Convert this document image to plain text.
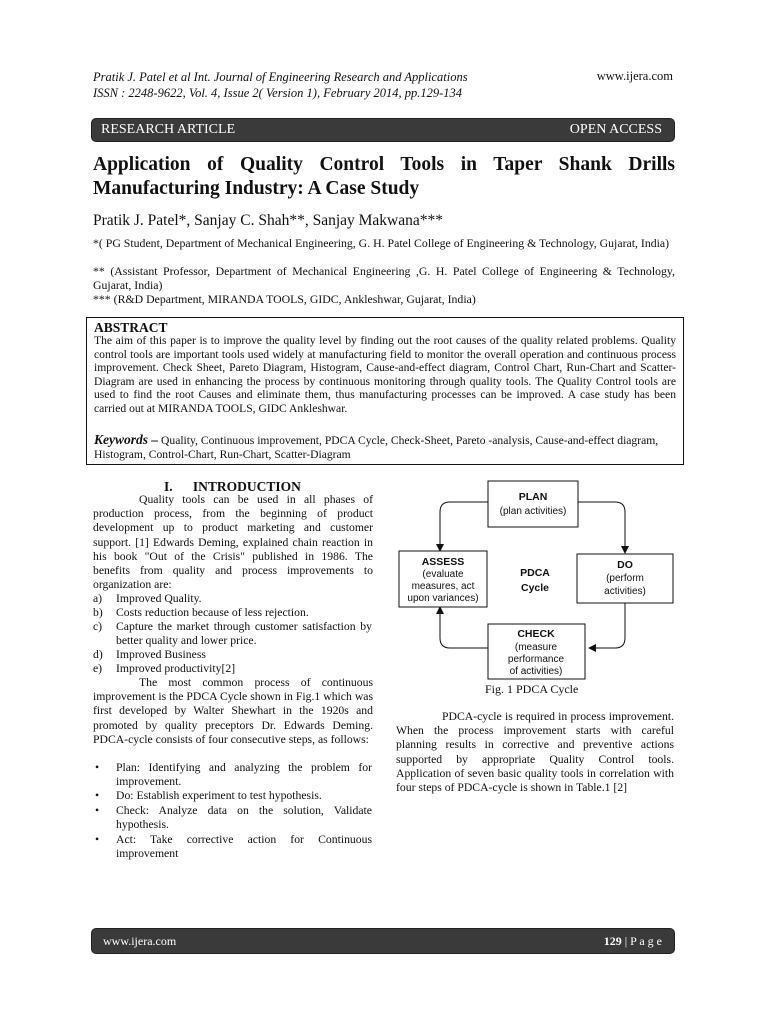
Pratik J. Patel et al Int. Journal of Engineering Research and Applications
ISSN : 2248-9622, Vol. 4, Issue 2( Version 1), February 2014, pp.129-134
www.ijera.com
RESEARCH ARTICLE	OPEN ACCESS
Application of Quality Control Tools in Taper Shank Drills
Manufacturing Industry: A Case Study
Pratik J. Patel*, Sanjay C. Shah**, Sanjay Makwana***
*( PG Student, Department of Mechanical Engineering, G. H. Patel College of Engineering & Technology, Gujarat, India)
** (Assistant Professor, Department of Mechanical Engineering ,G. H. Patel College of Engineering & Technology, Gujarat, India)
*** (R&D Department, MIRANDA TOOLS, GIDC, Ankleshwar, Gujarat, India)
ABSTRACT
The aim of this paper is to improve the quality level by finding out the root causes of the quality related problems. Quality control tools are important tools used widely at manufacturing field to monitor the overall operation and continuous process improvement. Check Sheet, Pareto Diagram, Histogram, Cause-and-effect diagram, Control Chart, Run-Chart and Scatter-Diagram are used in enhancing the process by continuous monitoring through quality tools. The Quality Control tools are used to find the root Causes and eliminate them, thus manufacturing processes can be improved. A case study has been carried out at MIRANDA TOOLS, GIDC Ankleshwar.
Keywords – Quality, Continuous improvement, PDCA Cycle, Check-Sheet, Pareto -analysis, Cause-and-effect diagram, Histogram, Control-Chart, Run-Chart, Scatter-Diagram
I.      INTRODUCTION
Quality tools can be used in all phases of production process, from the beginning of product development up to product marketing and customer support. [1] Edwards Deming, explained chain reaction in his book "Out of the Crisis" published in 1986. The benefits from quality and process improvements to organization are:
a) Improved Quality.
b) Costs reduction because of less rejection.
c) Capture the market through customer satisfaction by better quality and lower price.
d) Improved Business
e) Improved productivity[2]
The most common process of continuous improvement is the PDCA Cycle shown in Fig.1 which was first developed by Walter Shewhart in the 1920s and promoted by quality preceptors Dr. Edwards Deming. PDCA-cycle consists of four consecutive steps, as follows:
• Plan: Identifying and analyzing the problem for improvement.
• Do: Establish experiment to test hypothesis.
• Check: Analyze data on the solution, Validate hypothesis.
• Act: Take corrective action for Continuous improvement
PLAN
(plan activities)
DO
(perform
activities)
CHECK
(measure
performance
of activities)
ASSESS
(evaluate
measures, act
upon variances)
PDCA
Cycle
Fig. 1 PDCA Cycle
PDCA-cycle is required in process improvement. When the process improvement starts with careful planning results in corrective and preventive actions supported by appropriate Quality Control tools. Application of seven basic quality tools in correlation with four steps of PDCA-cycle is shown in Table.1 [2]
www.ijera.com	129 | P a g e
